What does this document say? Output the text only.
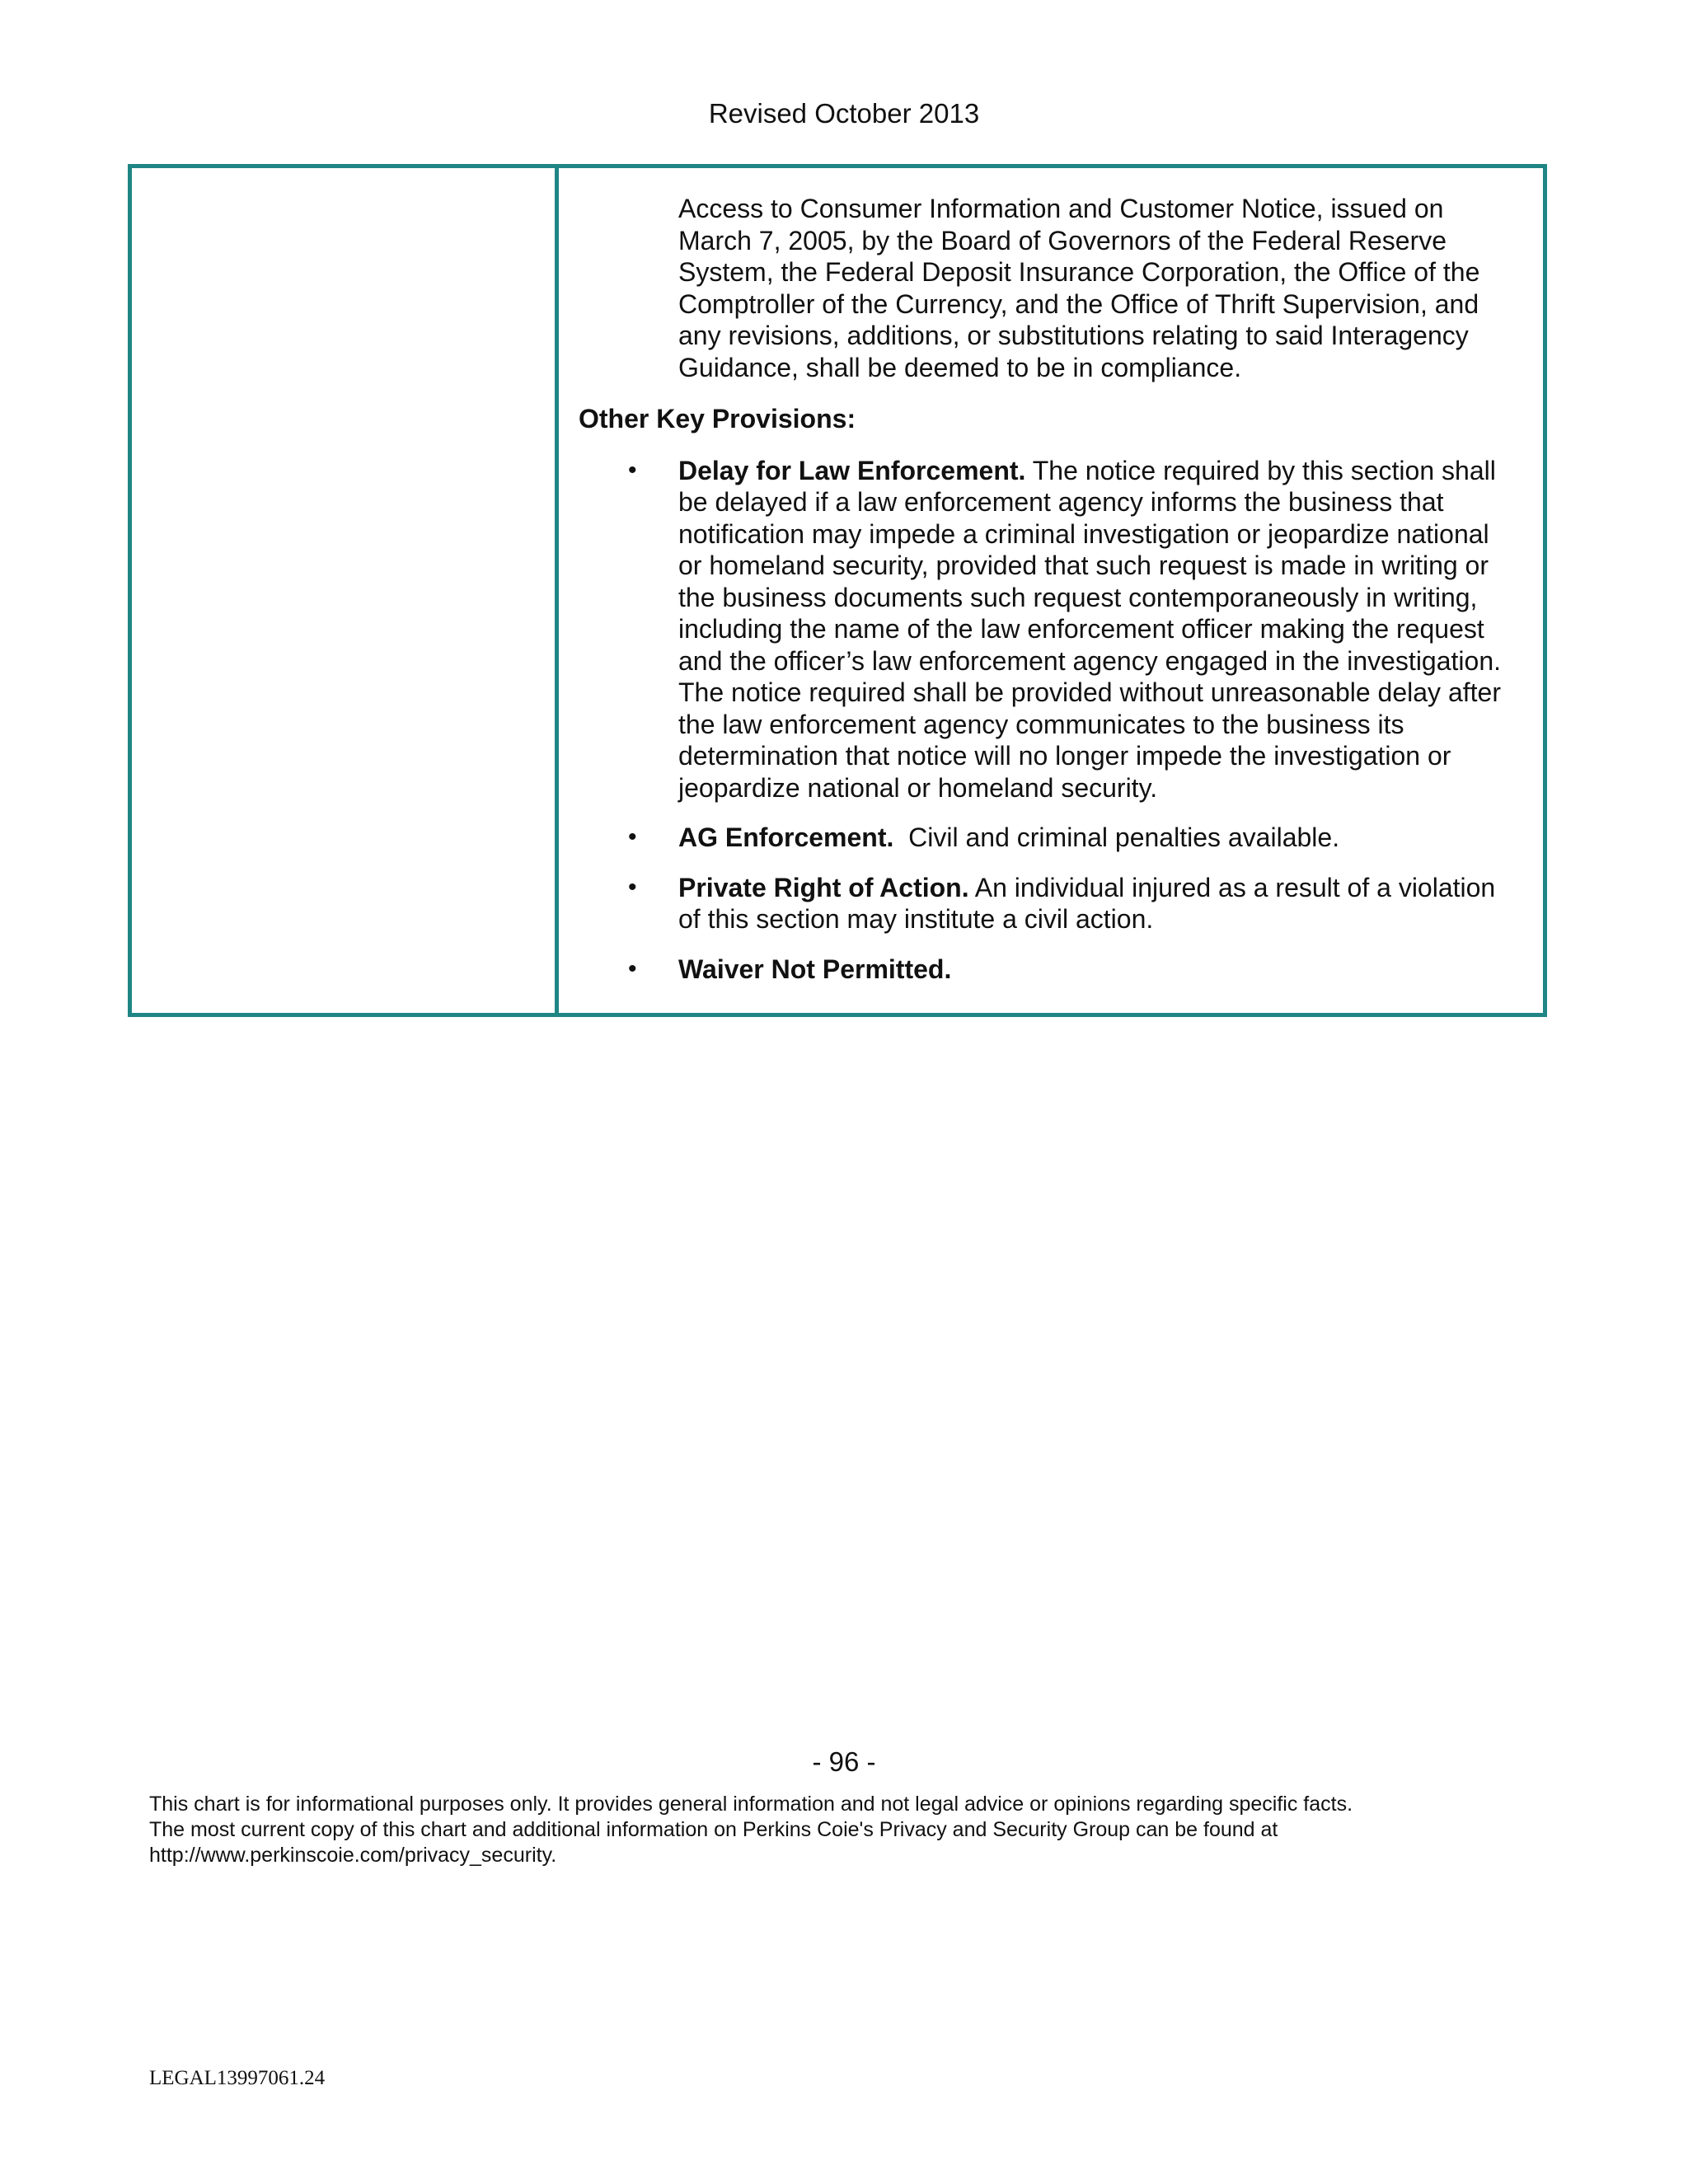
Revised October 2013

Access to Consumer Information and Customer Notice, issued on March 7, 2005, by the Board of Governors of the Federal Reserve System, the Federal Deposit Insurance Corporation, the Office of the Comptroller of the Currency, and the Office of Thrift Supervision, and any revisions, additions, or substitutions relating to said Interagency Guidance, shall be deemed to be in compliance.

Other Key Provisions:

• Delay for Law Enforcement. The notice required by this section shall be delayed if a law enforcement agency informs the business that notification may impede a criminal investigation or jeopardize national or homeland security, provided that such request is made in writing or the business documents such request contemporaneously in writing, including the name of the law enforcement officer making the request and the officer’s law enforcement agency engaged in the investigation. The notice required shall be provided without unreasonable delay after the law enforcement agency communicates to the business its determination that notice will no longer impede the investigation or jeopardize national or homeland security.
• AG Enforcement.  Civil and criminal penalties available.
• Private Right of Action. An individual injured as a result of a violation of this section may institute a civil action.
• Waiver Not Permitted.
- 96 -
This chart is for informational purposes only. It provides general information and not legal advice or opinions regarding specific facts.
The most current copy of this chart and additional information on Perkins Coie's Privacy and Security Group can be found at
http://www.perkinscoie.com/privacy_security.
LEGAL13997061.24
